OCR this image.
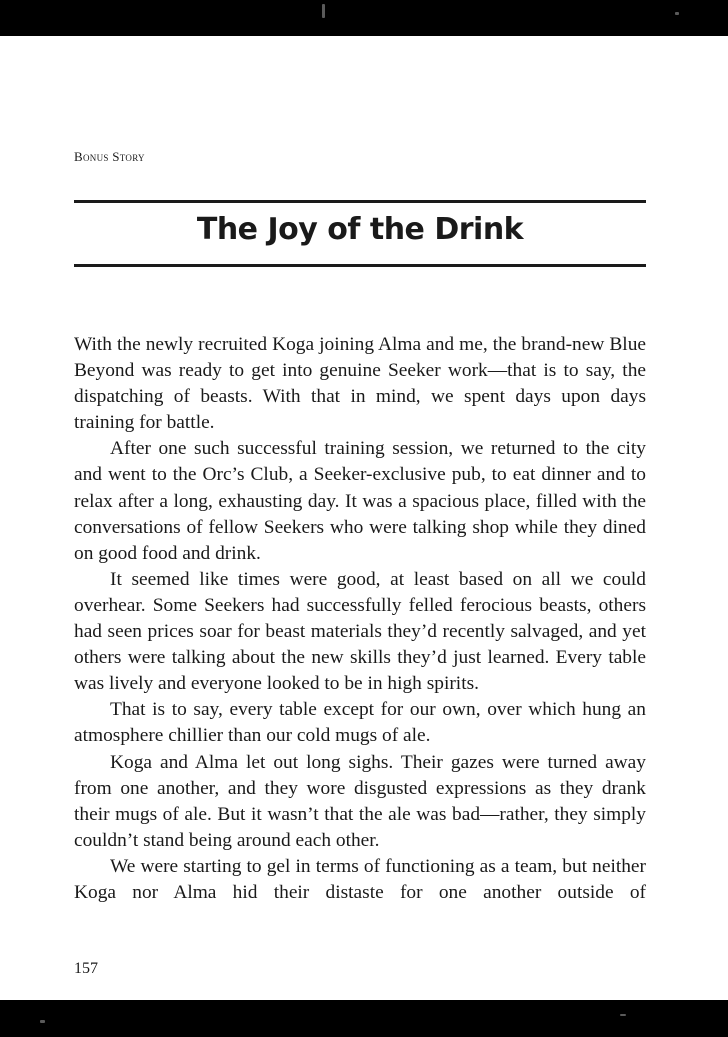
Bonus Story
The Joy of the Drink

With the newly recruited Koga joining Alma and me, the brand-new Blue Beyond was ready to get into genuine Seeker work—that is to say, the dispatching of beasts. With that in mind, we spent days upon days training for battle.

After one such successful training session, we returned to the city and went to the Orc’s Club, a Seeker-exclusive pub, to eat dinner and to relax after a long, exhausting day. It was a spacious place, filled with the conversations of fellow Seekers who were talking shop while they dined on good food and drink.

It seemed like times were good, at least based on all we could overhear. Some Seekers had successfully felled ferocious beasts, others had seen prices soar for beast materials they’d recently salvaged, and yet others were talking about the new skills they’d just learned. Every table was lively and everyone looked to be in high spirits.

That is to say, every table except for our own, over which hung an atmosphere chillier than our cold mugs of ale.

Koga and Alma let out long sighs. Their gazes were turned away from one another, and they wore disgusted expressions as they drank their mugs of ale. But it wasn’t that the ale was bad—rather, they simply couldn’t stand being around each other.

We were starting to gel in terms of functioning as a team, but neither Koga nor Alma hid their distaste for one another outside of

157
